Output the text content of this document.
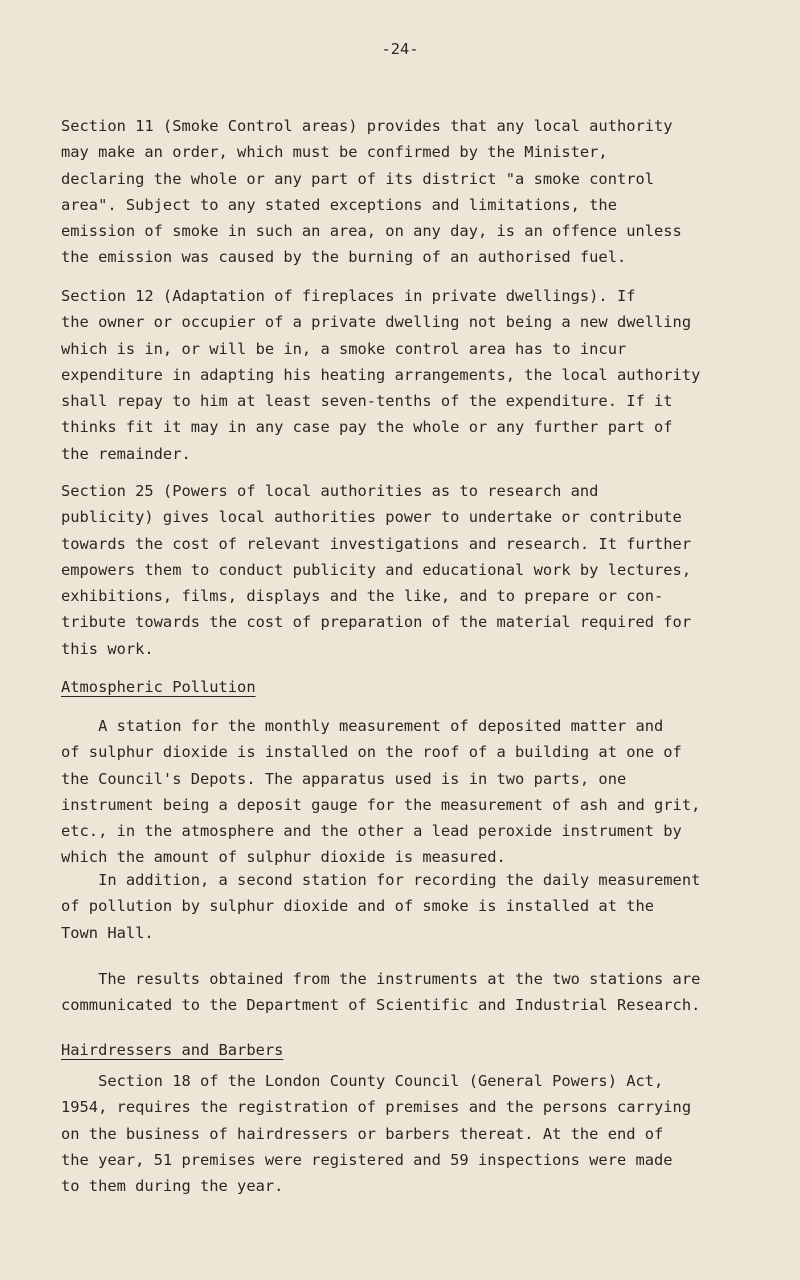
-24-

Section 11 (Smoke Control areas) provides that any local authority
may make an order, which must be confirmed by the Minister,
declaring the whole or any part of its district "a smoke control
area". Subject to any stated exceptions and limitations, the
emission of smoke in such an area, on any day, is an offence unless
the emission was caused by the burning of an authorised fuel.

Section 12 (Adaptation of fireplaces in private dwellings). If
the owner or occupier of a private dwelling not being a new dwelling
which is in, or will be in, a smoke control area has to incur
expenditure in adapting his heating arrangements, the local authority
shall repay to him at least seven-tenths of the expenditure. If it
thinks fit it may in any case pay the whole or any further part of
the remainder.

Section 25 (Powers of local authorities as to research and
publicity) gives local authorities power to undertake or contribute
towards the cost of relevant investigations and research. It further
empowers them to conduct publicity and educational work by lectures,
exhibitions, films, displays and the like, and to prepare or con-
tribute towards the cost of preparation of the material required for
this work.

Atmospheric Pollution

A station for the monthly measurement of deposited matter and
of sulphur dioxide is installed on the roof of a building at one of
the Council's Depots. The apparatus used is in two parts, one
instrument being a deposit gauge for the measurement of ash and grit,
etc., in the atmosphere and the other a lead peroxide instrument by
which the amount of sulphur dioxide is measured.

In addition, a second station for recording the daily measurement
of pollution by sulphur dioxide and of smoke is installed at the
Town Hall.

The results obtained from the instruments at the two stations are
communicated to the Department of Scientific and Industrial Research.

Hairdressers and Barbers

Section 18 of the London County Council (General Powers) Act,
1954, requires the registration of premises and the persons carrying
on the business of hairdressers or barbers thereat. At the end of
the year, 51 premises were registered and 59 inspections were made
to them during the year.
